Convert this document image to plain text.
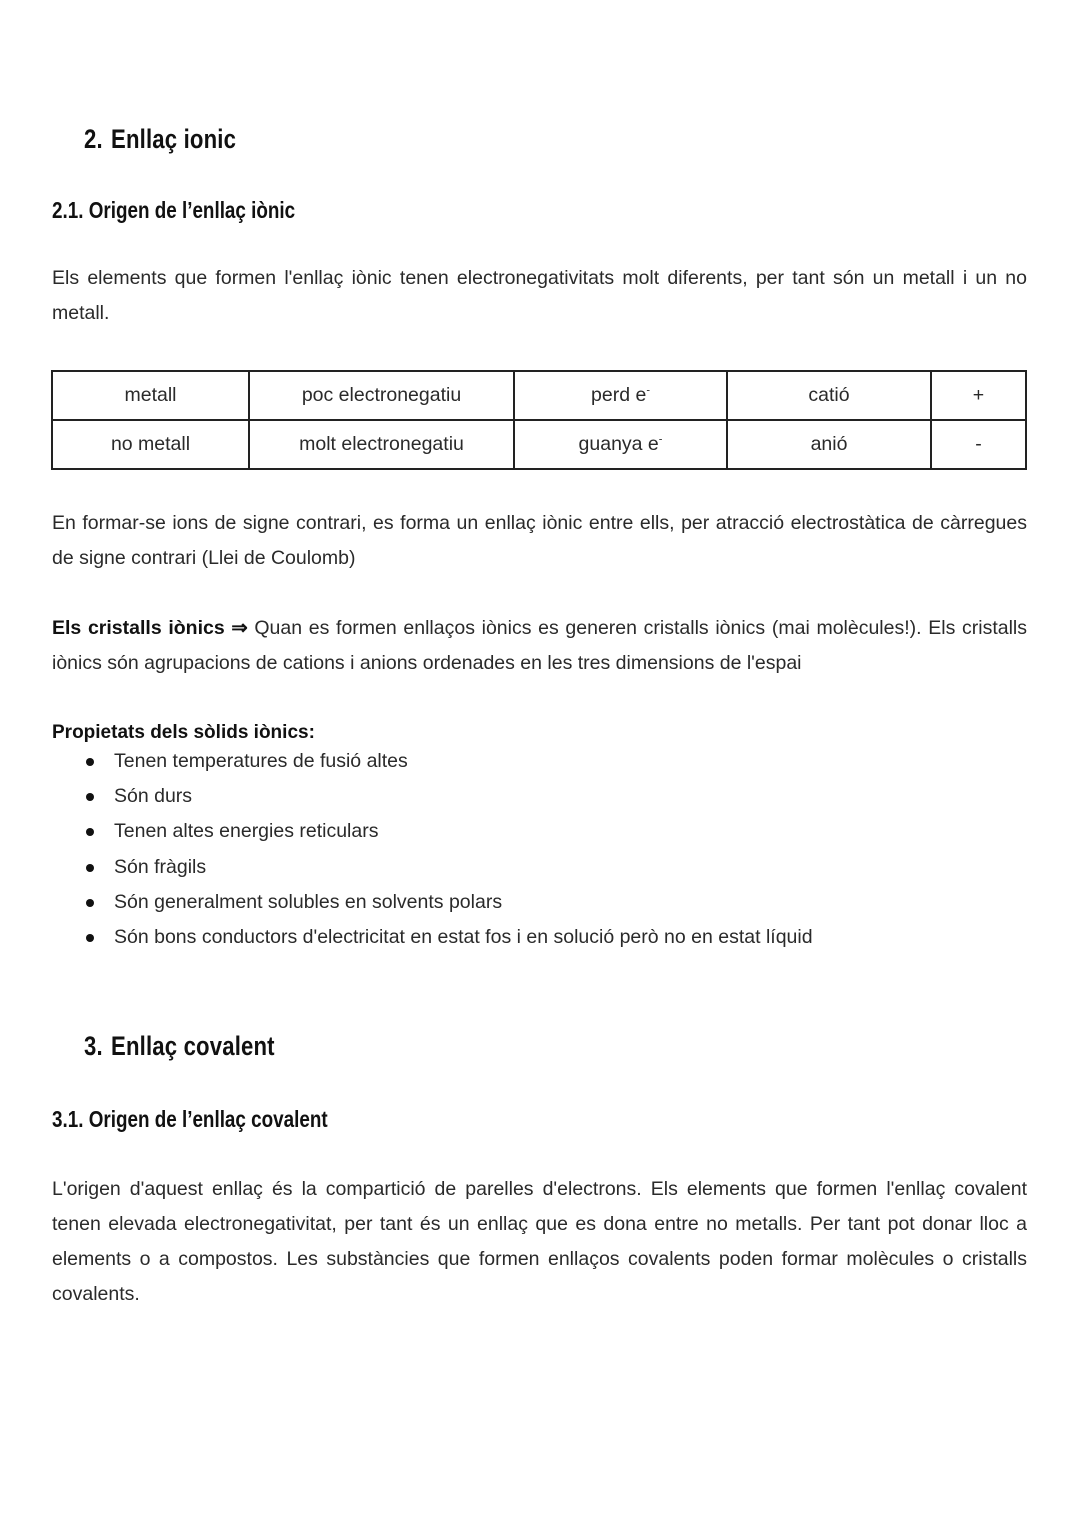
2. Enllaç ionic
2.1. Origen de l’enllaç iònic
Els elements que formen l'enllaç iònic tenen electronegativitats molt diferents, per tant són un metall i un no metall.
metall	poc electronegatiu	perd e-	catió	+
no metall	molt electronegatiu	guanya e-	anió	-
En formar-se ions de signe contrari, es forma un enllaç iònic entre ells, per atracció electrostàtica de càrregues de signe contrari (Llei de Coulomb)
Els cristalls iònics ⇒ Quan es formen enllaços iònics es generen cristalls iònics (mai molècules!). Els cristalls iònics són agrupacions de cations i anions ordenades en les tres dimensions de l'espai
Propietats dels sòlids iònics:
Tenen temperatures de fusió altes
Són durs
Tenen altes energies reticulars
Són fràgils
Són generalment solubles en solvents polars
Són bons conductors d'electricitat en estat fos i en solució però no en estat líquid
3. Enllaç covalent
3.1. Origen de l’enllaç covalent
L'origen d'aquest enllaç és la compartició de parelles d'electrons. Els elements que formen l'enllaç covalent tenen elevada electronegativitat, per tant és un enllaç que es dona entre no metalls. Per tant pot donar lloc a elements o a compostos. Les substàncies que formen enllaços covalents poden formar molècules o cristalls covalents.
